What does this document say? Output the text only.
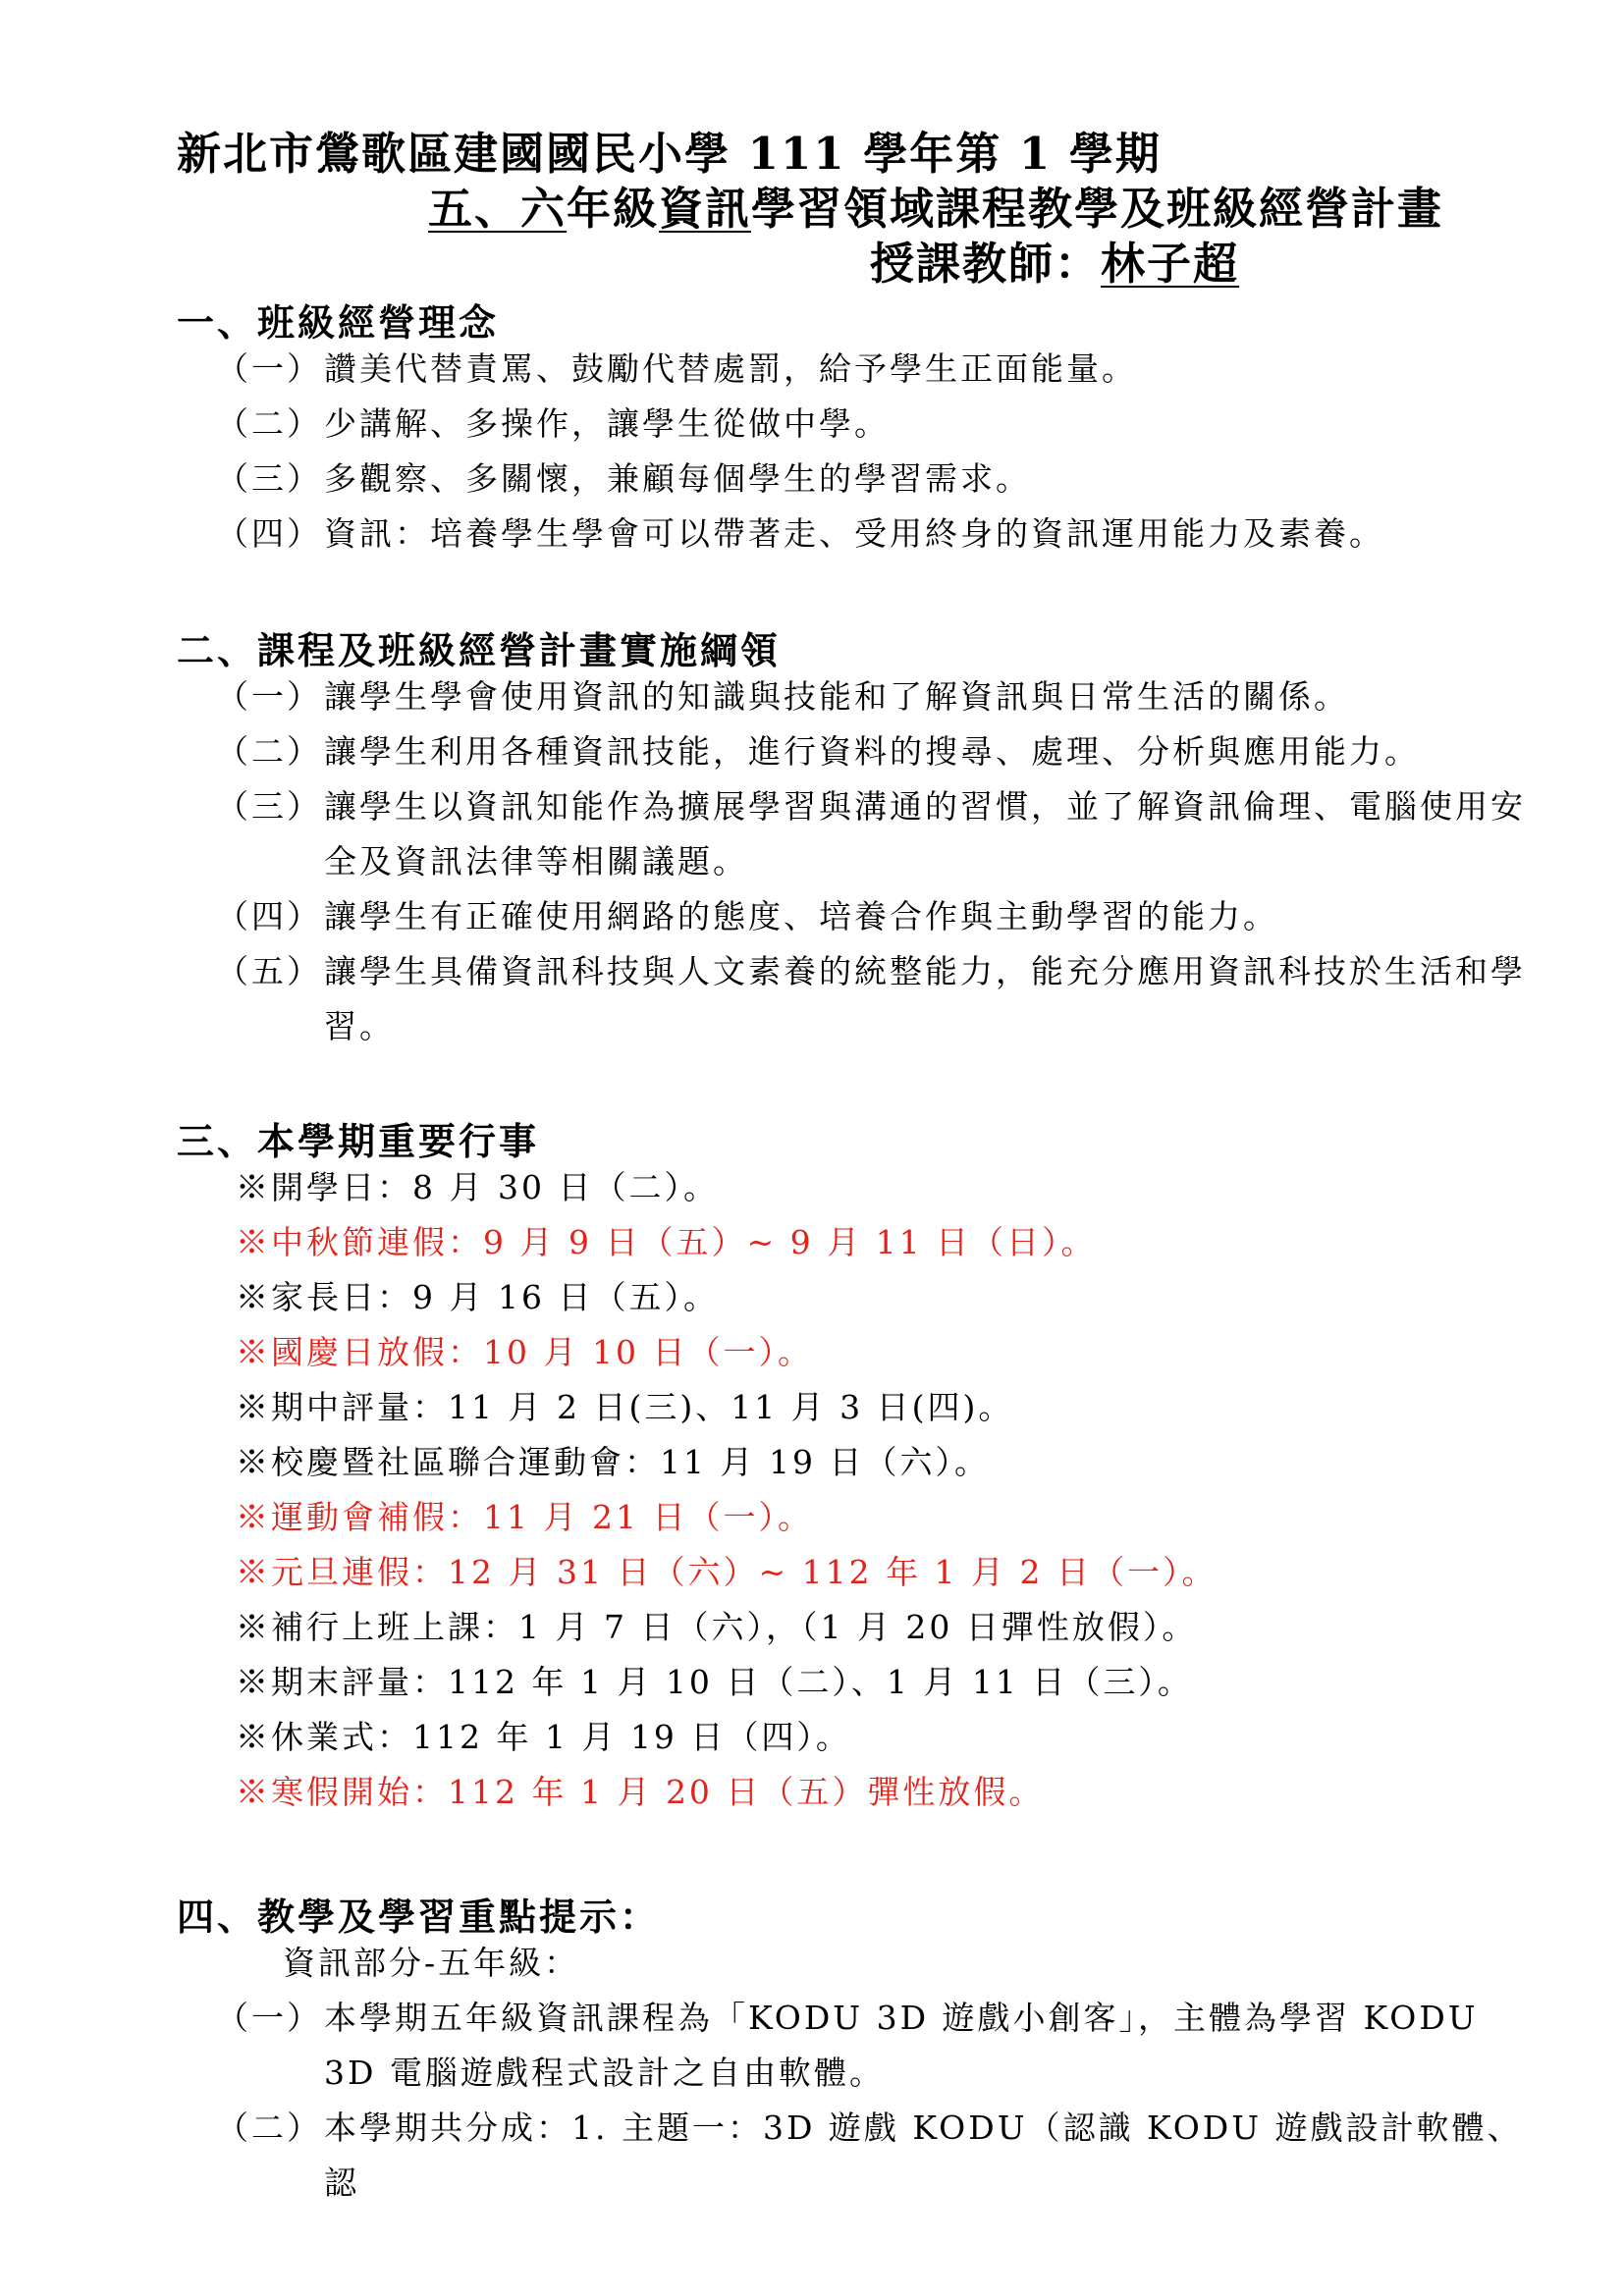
新北市鶯歌區建國國民小學 111 學年第 1 學期
五、六年級資訊學習領域課程教學及班級經營計畫
授課教師：林子超
一、班級經營理念
（一） 讚美代替責罵、鼓勵代替處罰，給予學生正面能量。
（二） 少講解、多操作，讓學生從做中學。
（三） 多觀察、多關懷，兼顧每個學生的學習需求。
（四） 資訊：培養學生學會可以帶著走、受用終身的資訊運用能力及素養。
二、課程及班級經營計畫實施綱領
（一） 讓學生學會使用資訊的知識與技能和了解資訊與日常生活的關係。
（二） 讓學生利用各種資訊技能，進行資料的搜尋、處理、分析與應用能力。
（三） 讓學生以資訊知能作為擴展學習與溝通的習慣，並了解資訊倫理、電腦使用安全及資訊法律等相關議題。
（四） 讓學生有正確使用網路的態度、培養合作與主動學習的能力。
（五） 讓學生具備資訊科技與人文素養的統整能力，能充分應用資訊科技於生活和學習。
三、本學期重要行事
※開學日：8 月 30 日（二）。
※中秋節連假：9 月 9 日（五）~ 9 月 11 日（日）。
※家長日：9 月 16 日（五）。
※國慶日放假：10 月 10 日（一）。
※期中評量：11 月 2 日(三)、11 月 3 日(四)。
※校慶暨社區聯合運動會：11 月 19 日（六）。
※運動會補假：11 月 21 日（一）。
※元旦連假：12 月 31 日（六）~ 112 年 1 月 2 日（一）。
※補行上班上課：1 月 7 日（六），（1 月 20 日彈性放假）。
※期末評量：112 年 1 月 10 日（二）、1 月 11 日（三）。
※休業式：112 年 1 月 19 日（四）。
※寒假開始：112 年 1 月 20 日（五）彈性放假。
四、教學及學習重點提示：
資訊部分-五年級：
（一） 本學期五年級資訊課程為「KODU 3D 遊戲小創客」，主體為學習 KODU 3D 電腦遊戲程式設計之自由軟體。
（二） 本學期共分成：1. 主題一：3D 遊戲 KODU（認識 KODU 遊戲設計軟體、認
